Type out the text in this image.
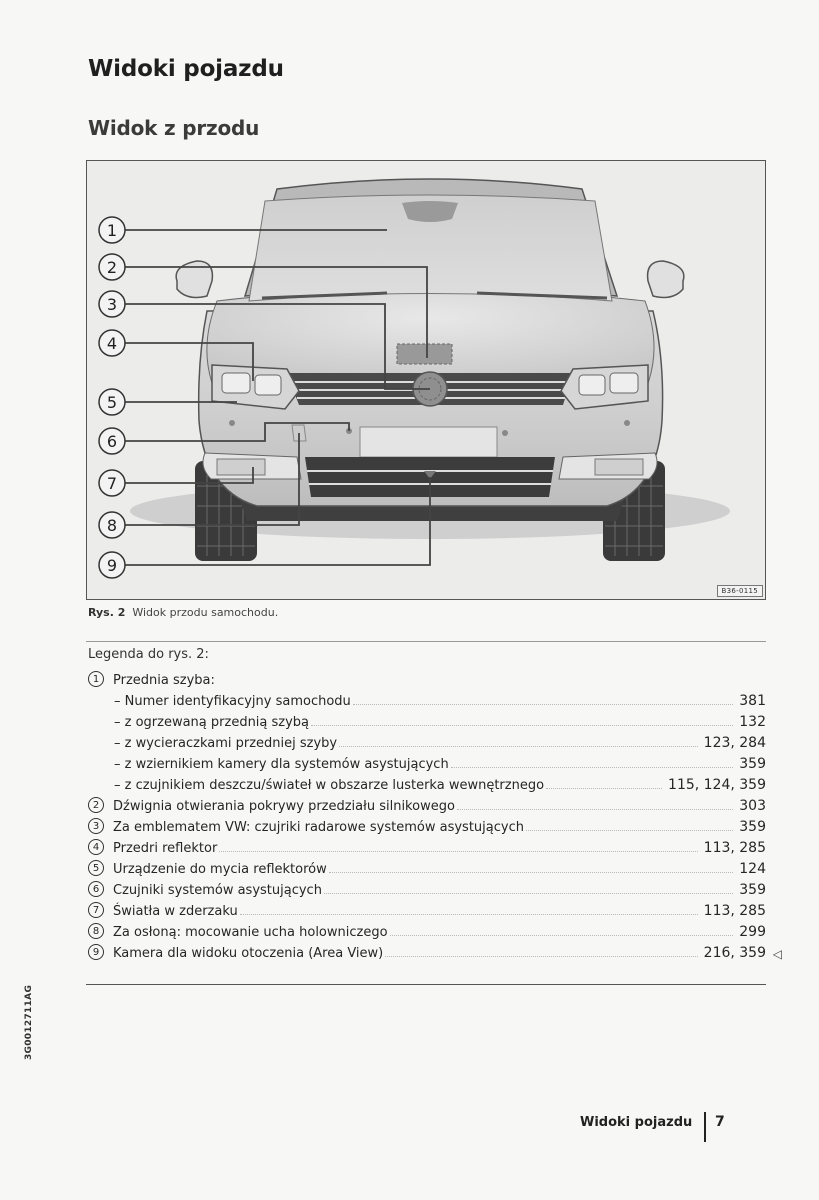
Widoki pojazdu
Widok z przodu
1
2
3
4
5
6
7
8
9
B36-0115
Rys. 2 Widok przodu samochodu.
Legenda do rys. 2:
1	Przednia szyba:
– Numer identyfikacyjny samochodu	381
– z ogrzewaną przednią szybą	132
– z wycieraczkami przedniej szyby	123, 284
– z wziernikiem kamery dla systemów asystujących	359
– z czujnikiem deszczu/świateł w obszarze lusterka wewnętrznego	115, 124, 359
2	Dźwignia otwierania pokrywy przedziału silnikowego	303
3	Za emblematem VW: czujriki radarowe systemów asystujących	359
4	Przedri reflektor	113, 285
5	Urządzenie do mycia reflektorów	124
6	Czujniki systemów asystujących	359
7	Światła w zderzaku	113, 285
8	Za osłoną: mocowanie ucha holowniczego	299
9	Kamera dla widoku otoczenia (Area View)	216, 359 ◁
3G0012711AG
Widoki pojazdu 7
